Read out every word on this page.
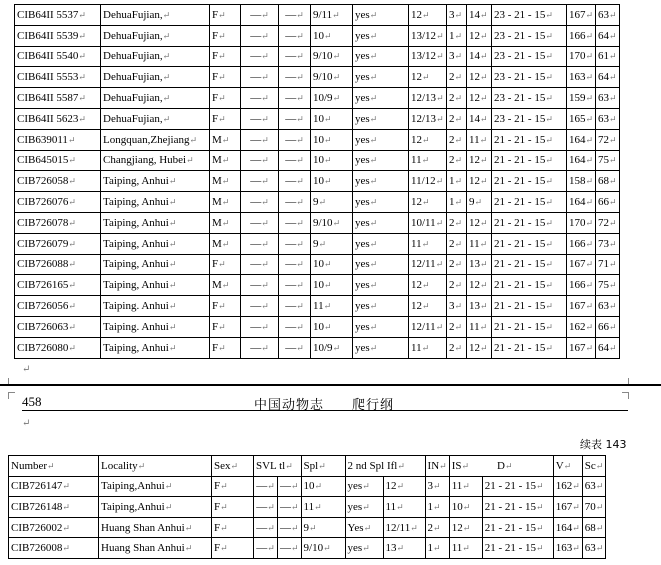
CIB64II 5537↵	DehuaFujian,↵	F↵	—↵	—↵	9/11↵	yes↵	12↵	3↵	14↵	23 - 21 - 15↵	167↵	63↵
CIB64II 5539↵	DehuaFujian,↵	F↵	—↵	—↵	10↵	yes↵	13/12↵	1↵	12↵	23 - 21 - 15↵	166↵	64↵
CIB64II 5540↵	DehuaFujian,↵	F↵	—↵	—↵	9/10↵	yes↵	13/12↵	3↵	14↵	23 - 21 - 15↵	170↵	61↵
CIB64II 5553↵	DehuaFujian,↵	F↵	—↵	—↵	9/10↵	yes↵	12↵	2↵	12↵	23 - 21 - 15↵	163↵	64↵
CIB64II 5587↵	DehuaFujian,↵	F↵	—↵	—↵	10/9↵	yes↵	12/13↵	2↵	12↵	23 - 21 - 15↵	159↵	63↵
CIB64II 5623↵	DehuaFujian,↵	F↵	—↵	—↵	10↵	yes↵	12/13↵	2↵	14↵	23 - 21 - 15↵	165↵	63↵
CIB639011↵	Longquan,Zhejiang↵	M↵	—↵	—↵	10↵	yes↵	12↵	2↵	11↵	21 - 21 - 15↵	164↵	72↵
CIB645015↵	Changjiang, Hubei↵	M↵	—↵	—↵	10↵	yes↵	11↵	2↵	12↵	21 - 21 - 15↵	164↵	75↵
CIB726058↵	Taiping, Anhui↵	M↵	—↵	—↵	10↵	yes↵	11/12↵	1↵	12↵	21 - 21 - 15↵	158↵	68↵
CIB726076↵	Taiping, Anhui↵	M↵	—↵	—↵	9↵	yes↵	12↵	1↵	9↵	21 - 21 - 15↵	164↵	66↵
CIB726078↵	Taiping, Anhui↵	M↵	—↵	—↵	9/10↵	yes↵	10/11↵	2↵	12↵	21 - 21 - 15↵	170↵	72↵
CIB726079↵	Taiping, Anhui↵	M↵	—↵	—↵	9↵	yes↵	11↵	2↵	11↵	21 - 21 - 15↵	166↵	73↵
CIB726088↵	Taiping, Anhui↵	F↵	—↵	—↵	10↵	yes↵	12/11↵	2↵	13↵	21 - 21 - 15↵	167↵	71↵
CIB726165↵	Taiping, Anhui↵	M↵	—↵	—↵	10↵	yes↵	12↵	2↵	12↵	21 - 21 - 15↵	166↵	75↵
CIB726056↵	Taiping. Anhui↵	F↵	—↵	—↵	11↵	yes↵	12↵	3↵	13↵	21 - 21 - 15↵	167↵	63↵
CIB726063↵	Taiping. Anhui↵	F↵	—↵	—↵	10↵	yes↵	12/11↵	2↵	11↵	21 - 21 - 15↵	162↵	66↵
CIB726080↵	Taiping, Anhui↵	F↵	—↵	—↵	10/9↵	yes↵	11↵	2↵	12↵	21 - 21 - 15↵	167↵	64↵
↵
458	中国动物志　　爬行纲
↵
续表 143
Number↵	Locality↵	Sex↵	SVL tl↵		Spl↵	2 nd Spl Ifl↵		IN↵	IS↵ D↵		V↵	Sc↵
CIB726147↵	Taiping,Anhui↵	F↵	—↵	—↵	10↵	yes↵	12↵	3↵	11↵	21 - 21 - 15↵	162↵	63↵
CIB726148↵	Taiping,Anhui↵	F↵	—↵	—↵	11↵	yes↵	11↵	1↵	10↵	21 - 21 - 15↵	167↵	70↵
CIB726002↵	Huang Shan Anhui↵	F↵	—↵	—↵	9↵	Yes↵	12/11↵	2↵	12↵	21 - 21 - 15↵	164↵	68↵
CIB726008↵	Huang Shan Anhui↵	F↵	—↵	—↵	9/10↵	yes↵	13↵	1↵	11↵	21 - 21 - 15↵	163↵	63↵
